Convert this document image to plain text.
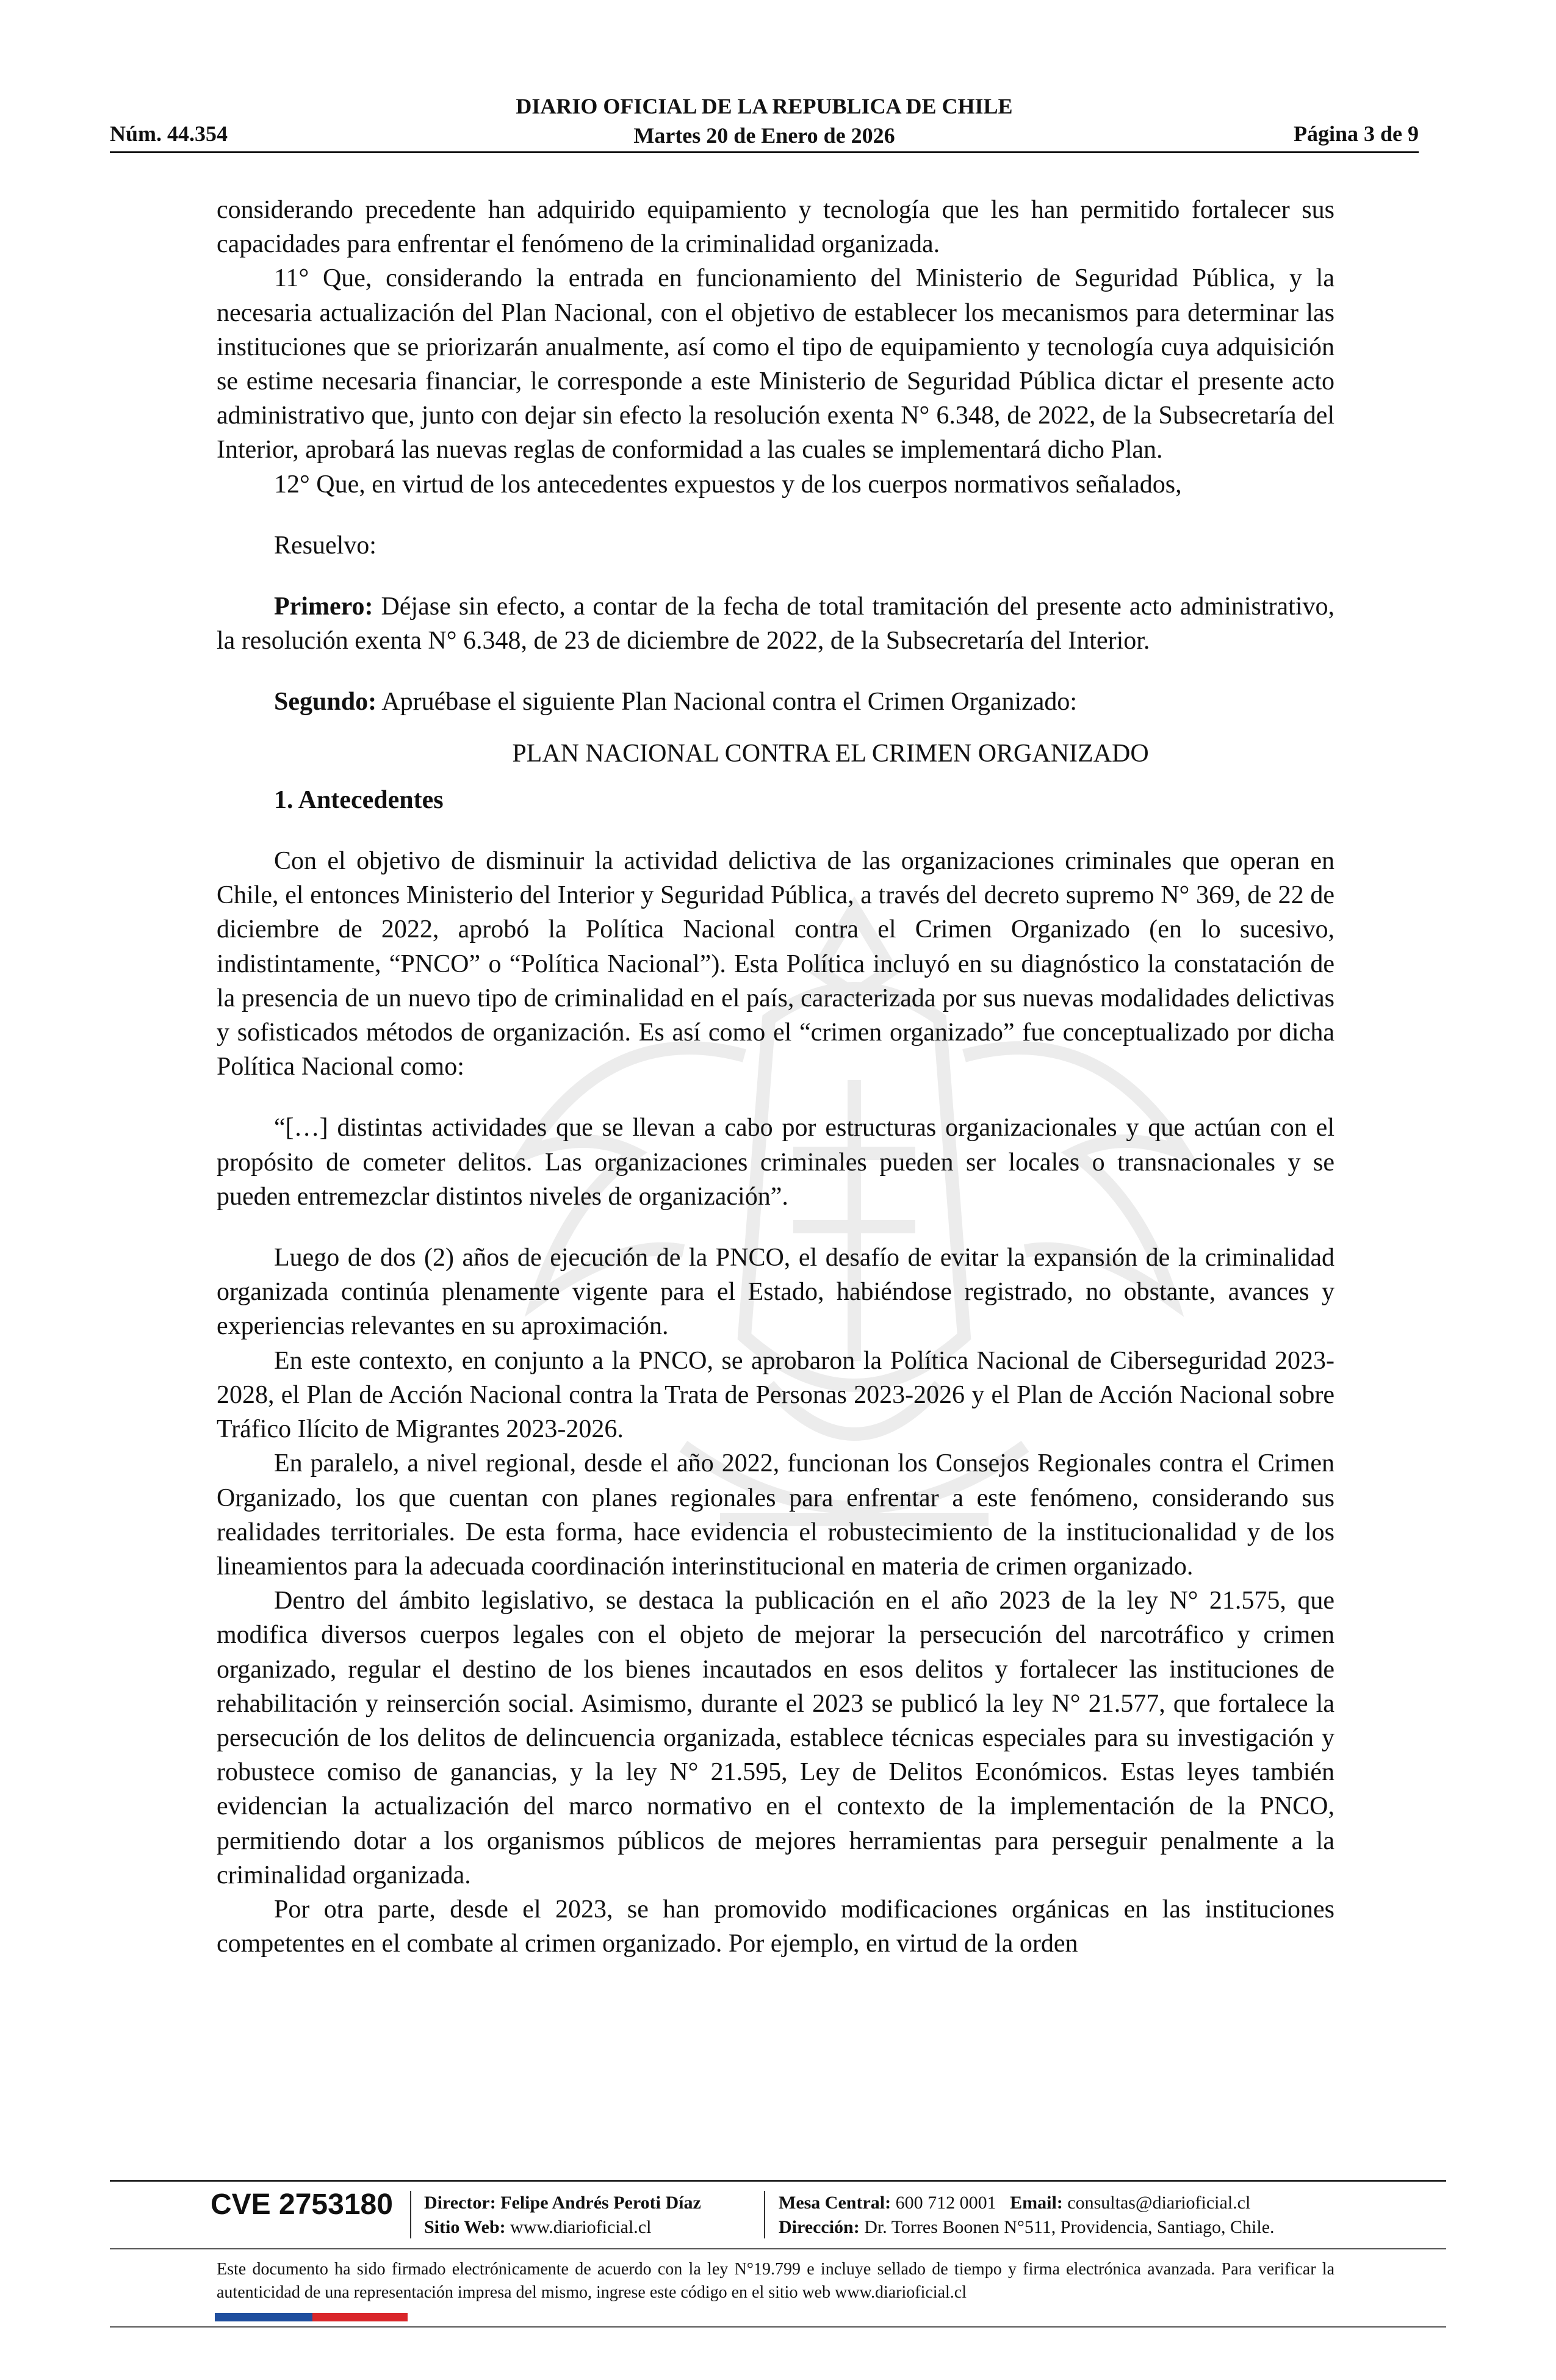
DIARIO OFICIAL DE LA REPUBLICA DE CHILE
Martes 20 de Enero de 2026
Núm. 44.354	Página 3 de 9

considerando precedente han adquirido equipamiento y tecnología que les han permitido fortalecer sus capacidades para enfrentar el fenómeno de la criminalidad organizada.

11° Que, considerando la entrada en funcionamiento del Ministerio de Seguridad Pública, y la necesaria actualización del Plan Nacional, con el objetivo de establecer los mecanismos para determinar las instituciones que se priorizarán anualmente, así como el tipo de equipamiento y tecnología cuya adquisición se estime necesaria financiar, le corresponde a este Ministerio de Seguridad Pública dictar el presente acto administrativo que, junto con dejar sin efecto la resolución exenta N° 6.348, de 2022, de la Subsecretaría del Interior, aprobará las nuevas reglas de conformidad a las cuales se implementará dicho Plan.

12° Que, en virtud de los antecedentes expuestos y de los cuerpos normativos señalados,

Resuelvo:

Primero: Déjase sin efecto, a contar de la fecha de total tramitación del presente acto administrativo, la resolución exenta N° 6.348, de 23 de diciembre de 2022, de la Subsecretaría del Interior.

Segundo: Apruébase el siguiente Plan Nacional contra el Crimen Organizado:

PLAN NACIONAL CONTRA EL CRIMEN ORGANIZADO

1. Antecedentes

Con el objetivo de disminuir la actividad delictiva de las organizaciones criminales que operan en Chile, el entonces Ministerio del Interior y Seguridad Pública, a través del decreto supremo N° 369, de 22 de diciembre de 2022, aprobó la Política Nacional contra el Crimen Organizado (en lo sucesivo, indistintamente, “PNCO” o “Política Nacional”). Esta Política incluyó en su diagnóstico la constatación de la presencia de un nuevo tipo de criminalidad en el país, caracterizada por sus nuevas modalidades delictivas y sofisticados métodos de organización. Es así como el “crimen organizado” fue conceptualizado por dicha Política Nacional como:

“[…] distintas actividades que se llevan a cabo por estructuras organizacionales y que actúan con el propósito de cometer delitos. Las organizaciones criminales pueden ser locales o transnacionales y se pueden entremezclar distintos niveles de organización”.

Luego de dos (2) años de ejecución de la PNCO, el desafío de evitar la expansión de la criminalidad organizada continúa plenamente vigente para el Estado, habiéndose registrado, no obstante, avances y experiencias relevantes en su aproximación.

En este contexto, en conjunto a la PNCO, se aprobaron la Política Nacional de Ciberseguridad 2023-2028, el Plan de Acción Nacional contra la Trata de Personas 2023-2026 y el Plan de Acción Nacional sobre Tráfico Ilícito de Migrantes 2023-2026.

En paralelo, a nivel regional, desde el año 2022, funcionan los Consejos Regionales contra el Crimen Organizado, los que cuentan con planes regionales para enfrentar a este fenómeno, considerando sus realidades territoriales. De esta forma, hace evidencia el robustecimiento de la institucionalidad y de los lineamientos para la adecuada coordinación interinstitucional en materia de crimen organizado.

Dentro del ámbito legislativo, se destaca la publicación en el año 2023 de la ley N° 21.575, que modifica diversos cuerpos legales con el objeto de mejorar la persecución del narcotráfico y crimen organizado, regular el destino de los bienes incautados en esos delitos y fortalecer las instituciones de rehabilitación y reinserción social. Asimismo, durante el 2023 se publicó la ley N° 21.577, que fortalece la persecución de los delitos de delincuencia organizada, establece técnicas especiales para su investigación y robustece comiso de ganancias, y la ley N° 21.595, Ley de Delitos Económicos. Estas leyes también evidencian la actualización del marco normativo en el contexto de la implementación de la PNCO, permitiendo dotar a los organismos públicos de mejores herramientas para perseguir penalmente a la criminalidad organizada.

Por otra parte, desde el 2023, se han promovido modificaciones orgánicas en las instituciones competentes en el combate al crimen organizado. Por ejemplo, en virtud de la orden

CVE 2753180 Director: Felipe Andrés Peroti Díaz
Sitio Web: www.diarioficial.cl
Mesa Central: 600 712 0001 Email: consultas@diarioficial.cl
Dirección: Dr. Torres Boonen N°511, Providencia, Santiago, Chile.
Este documento ha sido firmado electrónicamente de acuerdo con la ley N°19.799 e incluye sellado de tiempo y firma electrónica avanzada. Para verificar la autenticidad de una representación impresa del mismo, ingrese este código en el sitio web www.diarioficial.cl
